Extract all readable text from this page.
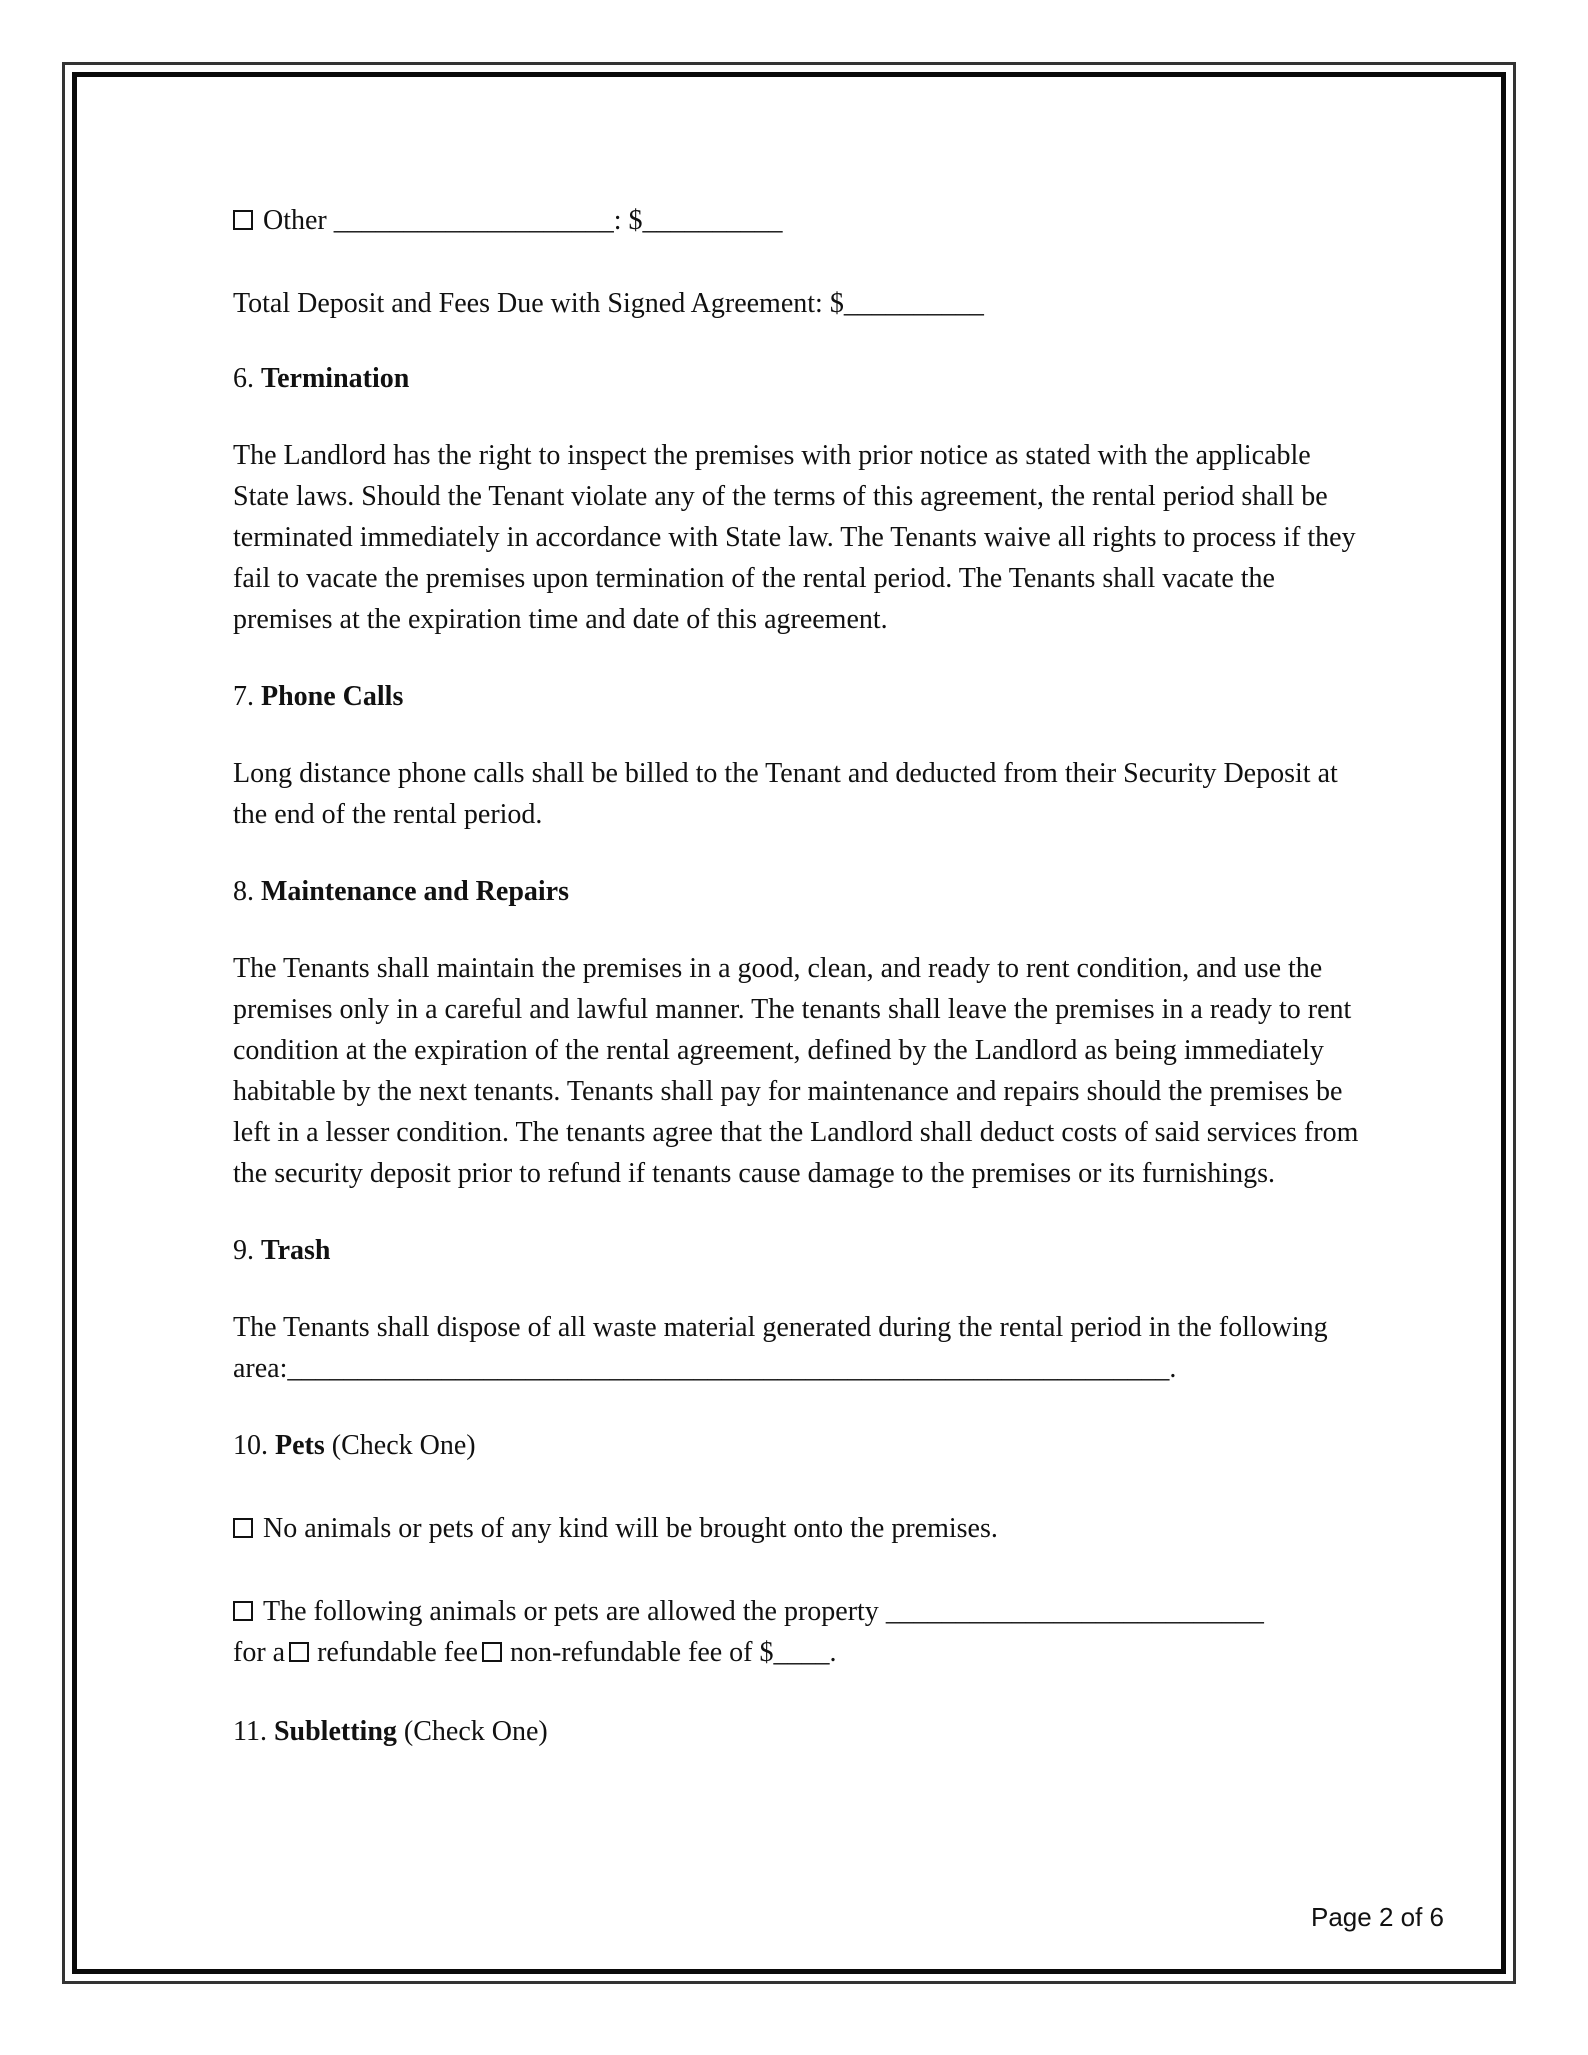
Other ____________________: $__________

Total Deposit and Fees Due with Signed Agreement: $__________

6. Termination

The Landlord has the right to inspect the premises with prior notice as stated with the applicable State laws. Should the Tenant violate any of the terms of this agreement, the rental period shall be terminated immediately in accordance with State law. The Tenants waive all rights to process if they fail to vacate the premises upon termination of the rental period. The Tenants shall vacate the premises at the expiration time and date of this agreement.

7. Phone Calls

Long distance phone calls shall be billed to the Tenant and deducted from their Security Deposit at the end of the rental period.

8. Maintenance and Repairs

The Tenants shall maintain the premises in a good, clean, and ready to rent condition, and use the premises only in a careful and lawful manner. The tenants shall leave the premises in a ready to rent condition at the expiration of the rental agreement, defined by the Landlord as being immediately habitable by the next tenants. Tenants shall pay for maintenance and repairs should the premises be left in a lesser condition. The tenants agree that the Landlord shall deduct costs of said services from the security deposit prior to refund if tenants cause damage to the premises or its furnishings.

9. Trash

The Tenants shall dispose of all waste material generated during the rental period in the following area:_______________________________________________________________.

10. Pets (Check One)

No animals or pets of any kind will be brought onto the premises.

The following animals or pets are allowed the property ___________________________
for a refundable fee non-refundable fee of $____.

11. Subletting (Check One)

Page 2 of 6
